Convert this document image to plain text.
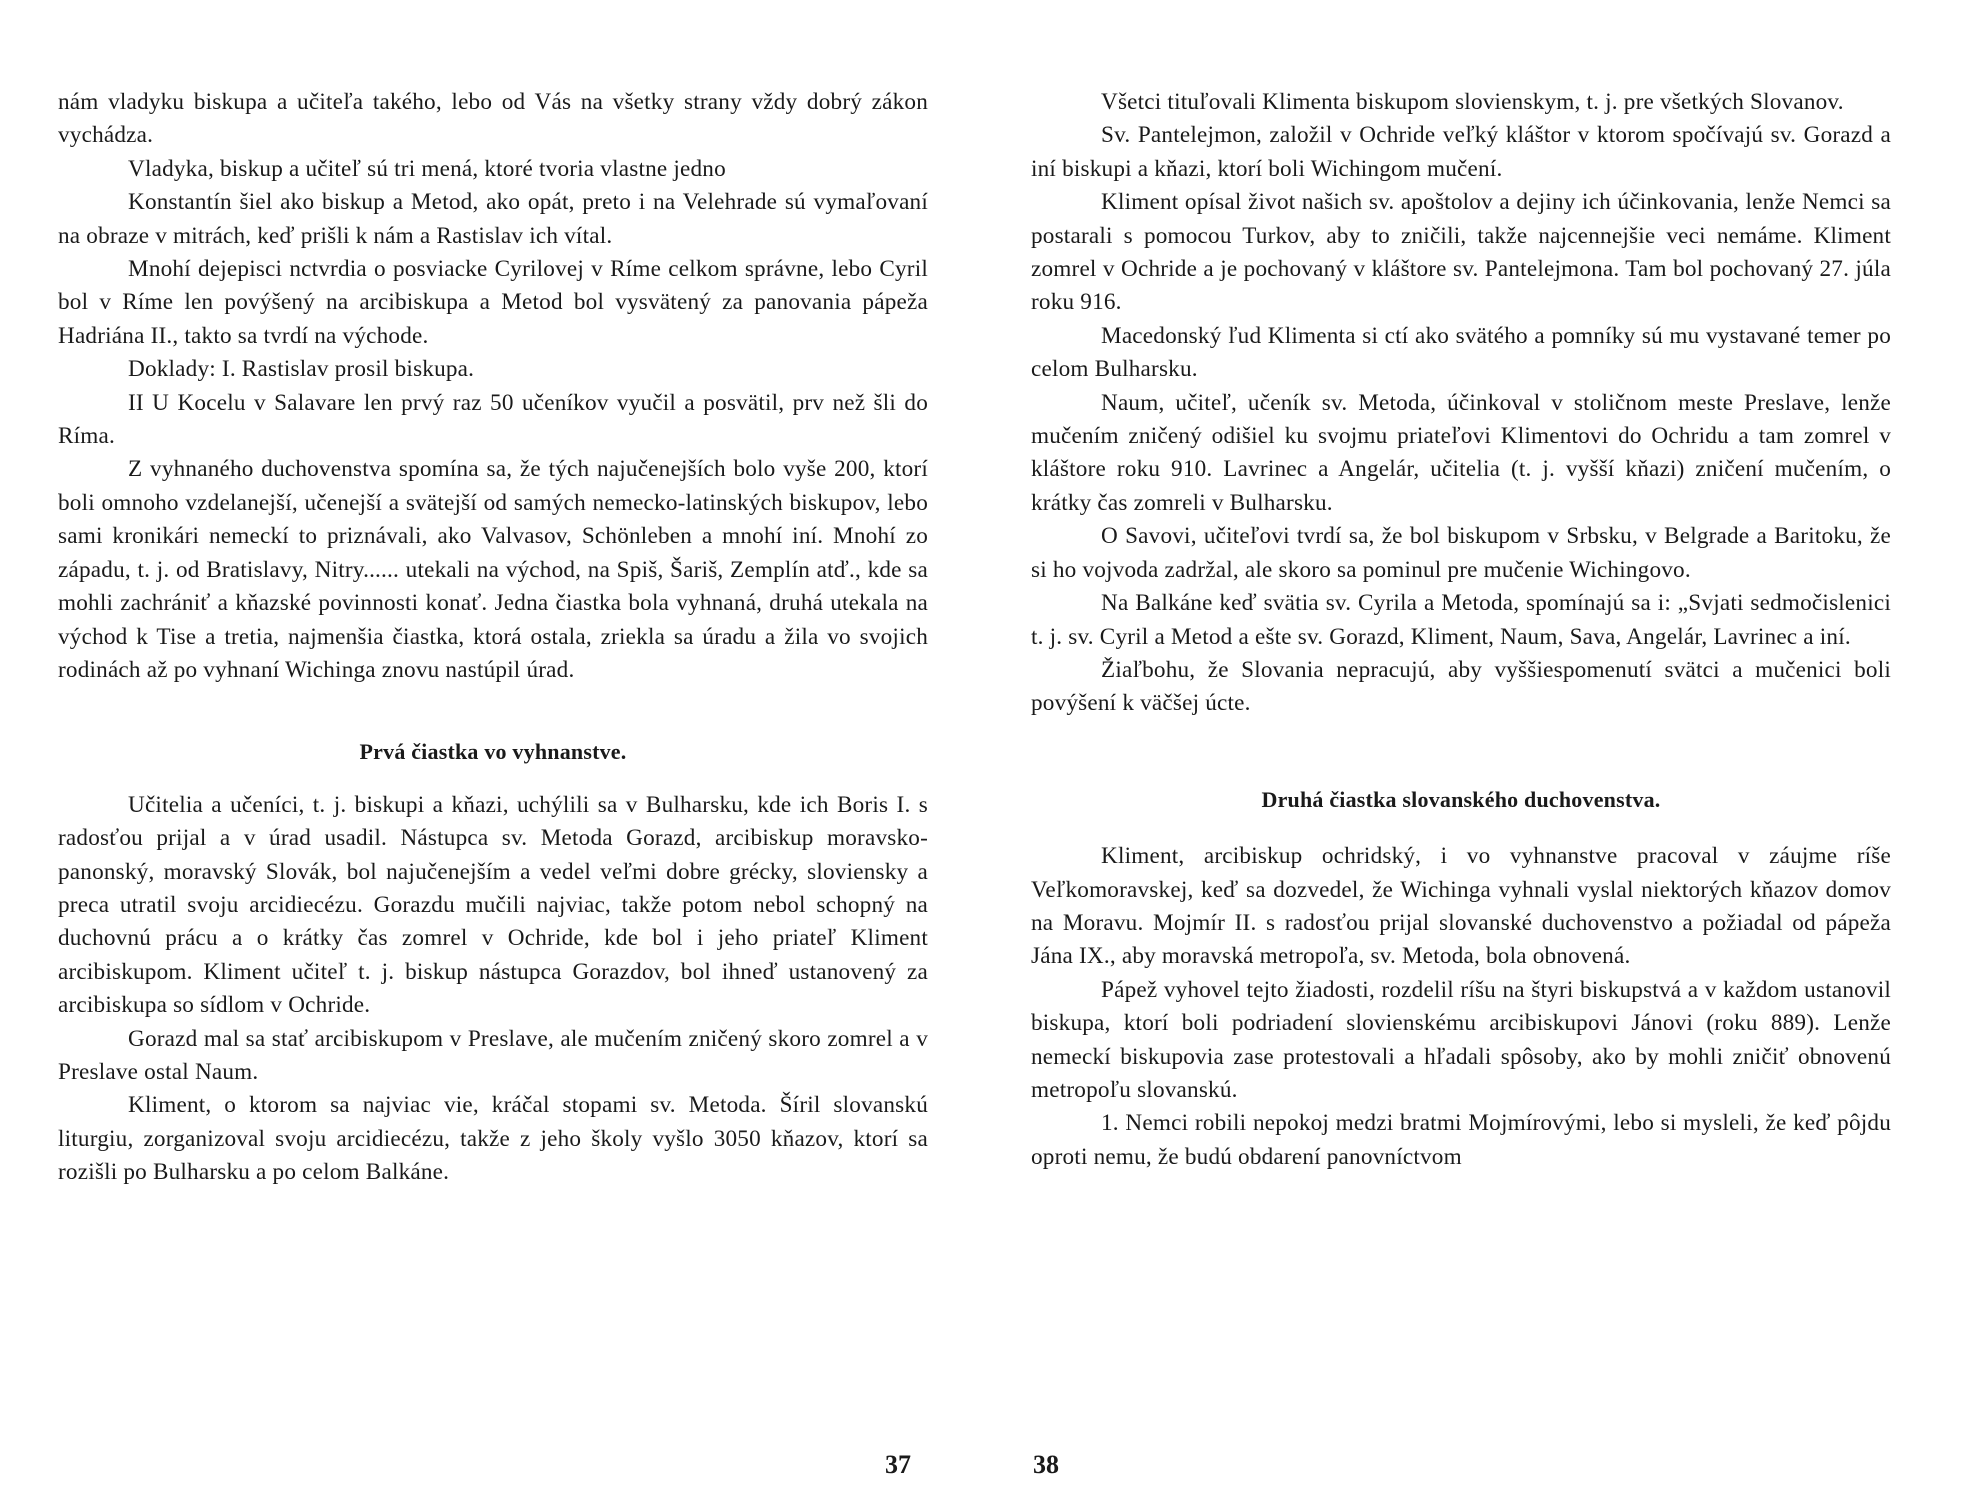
nám vladyku biskupa a učiteľa takého, lebo od Vás na všetky strany vždy dobrý zákon vychádza.

Vladyka, biskup a učiteľ sú tri mená, ktoré tvoria vlastne jedno

Konstantín šiel ako biskup a Metod, ako opát, preto i na Velehrade sú vymaľovaní na obraze v mitrách, keď prišli k nám a Rastislav ich vítal.

Mnohí dejepisci nctvrdia o posviacke Cyrilovej v Ríme celkom správne, lebo Cyril bol v Ríme len povýšený na arcibiskupa a Metod bol vysvätený za panovania pápeža Hadriána II., takto sa tvrdí na východe.

Doklady: I. Rastislav prosil biskupa.

II U Kocelu v Salavare len prvý raz 50 učeníkov vyučil a posvätil, prv než šli do Ríma.

Z vyhnaného duchovenstva spomína sa, že tých najučenejších bolo vyše 200, ktorí boli omnoho vzdelanejší, učenejší a svätejší od samých nemecko-latinských biskupov, lebo sami kronikári nemeckí to priznávali, ako Valvasov, Schönleben a mnohí iní. Mnohí zo západu, t. j. od Bratislavy, Nitry...... utekali na východ, na Spiš, Šariš, Zemplín atď., kde sa mohli zachrániť a kňazské povinnosti konať. Jedna čiastka bola vyhnaná, druhá utekala na východ k Tise a tretia, najmenšia čiastka, ktorá ostala, zriekla sa úradu a žila vo svojich rodinách až po vyhnaní Wichinga znovu nastúpil úrad.

Prvá čiastka vo vyhnanstve.

Učitelia a učeníci, t. j. biskupi a kňazi, uchýlili sa v Bulharsku, kde ich Boris I. s radosťou prijal a v úrad usadil. Nástupca sv. Metoda Gorazd, arcibiskup moravsko-panonský, moravský Slovák, bol najučenejším a vedel veľmi dobre grécky, sloviensky a preca utratil svoju arcidiecézu. Gorazdu mučili najviac, takže potom nebol schopný na duchovnú prácu a o krátky čas zomrel v Ochride, kde bol i jeho priateľ Kliment arcibiskupom. Kliment učiteľ t. j. biskup nástupca Gorazdov, bol ihneď ustanovený za arcibiskupa so sídlom v Ochride.

Gorazd mal sa stať arcibiskupom v Preslave, ale mučením zničený skoro zomrel a v Preslave ostal Naum.

Kliment, o ktorom sa najviac vie, kráčal stopami sv. Metoda. Šíril slovanskú liturgiu, zorganizoval svoju arcidiecézu, takže z jeho školy vyšlo 3050 kňazov, ktorí sa rozišli po Bulharsku a po celom Balkáne.

37

Všetci tituľovali Klimenta biskupom slovienskym, t. j. pre všetkých Slovanov.

Sv. Pantelejmon, založil v Ochride veľký kláštor v ktorom spočívajú sv. Gorazd a iní biskupi a kňazi, ktorí boli Wichingom mučení.

Kliment opísal život našich sv. apoštolov a dejiny ich účinkovania, lenže Nemci sa postarali s pomocou Turkov, aby to zničili, takže najcennejšie veci nemáme. Kliment zomrel v Ochride a je pochovaný v kláštore sv. Pantelejmona. Tam bol pochovaný 27. júla roku 916.

Macedonský ľud Klimenta si ctí ako svätého a pomníky sú mu vystavané temer po celom Bulharsku.

Naum, učiteľ, učeník sv. Metoda, účinkoval v stoličnom meste Preslave, lenže mučením zničený odišiel ku svojmu priateľovi Klimentovi do Ochridu a tam zomrel v kláštore roku 910. Lavrinec a Angelár, učitelia (t. j. vyšší kňazi) zničení mučením, o krátky čas zomreli v Bulharsku.

O Savovi, učiteľovi tvrdí sa, že bol biskupom v Srbsku, v Belgrade a Baritoku, že si ho vojvoda zadržal, ale skoro sa pominul pre mučenie Wichingovo.

Na Balkáne keď svätia sv. Cyrila a Metoda, spomínajú sa i: „Svjati sedmočislenici t. j. sv. Cyril a Metod a ešte sv. Gorazd, Kliment, Naum, Sava, Angelár, Lavrinec a iní.

Žiaľbohu, že Slovania nepracujú, aby vyššiespomenutí svätci a mučenici boli povýšení k väčšej úcte.

Druhá čiastka slovanského duchovenstva.

Kliment, arcibiskup ochridský, i vo vyhnanstve pracoval v záujme ríše Veľkomoravskej, keď sa dozvedel, že Wichinga vyhnali vyslal niektorých kňazov domov na Moravu. Mojmír II. s radosťou prijal slovanské duchovenstvo a požiadal od pápeža Jána IX., aby moravská metropoľa, sv. Metoda, bola obnovená.

Pápež vyhovel tejto žiadosti, rozdelil ríšu na štyri biskupstvá a v každom ustanovil biskupa, ktorí boli podriadení slovienskému arcibiskupovi Jánovi (roku 889). Lenže nemeckí biskupovia zase protestovali a hľadali spôsoby, ako by mohli zničiť obnovenú metropoľu slovanskú.

1. Nemci robili nepokoj medzi bratmi Mojmírovými, lebo si mysleli, že keď pôjdu oproti nemu, že budú obdarení panovníctvom

38
